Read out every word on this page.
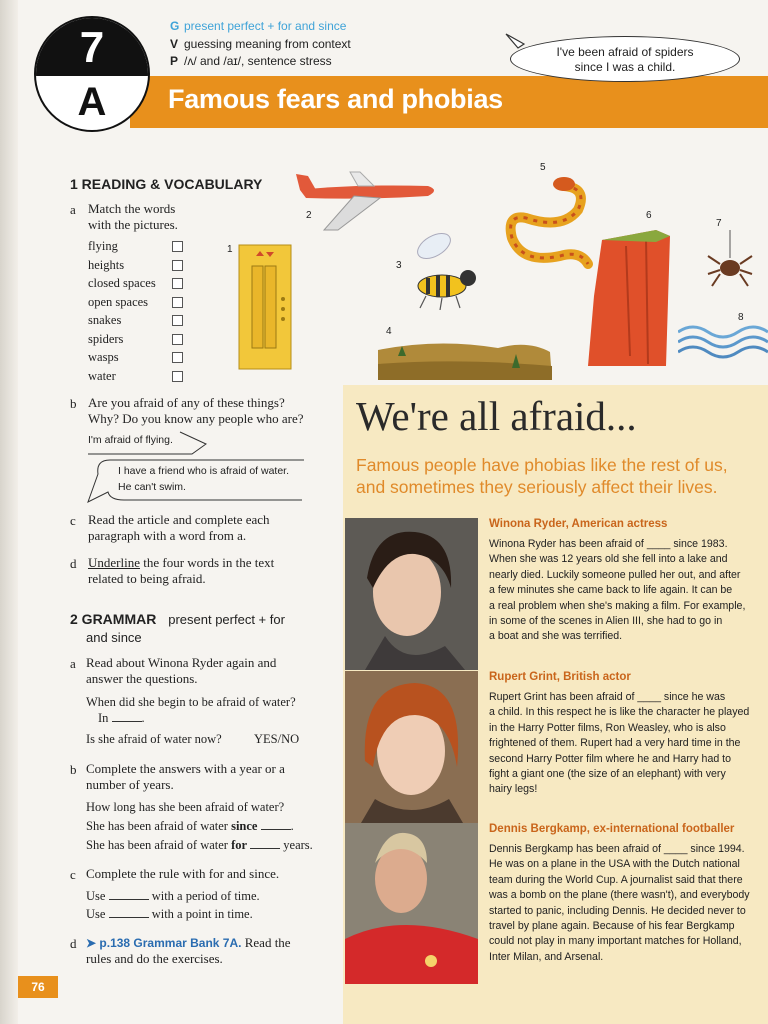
Famous fears and phobias
7
A
G present perfect + for and since
V guessing meaning from context
P /ʌ/ and /aɪ/, sentence stress
I've been afraid of spiders
since I was a child.
1 READING & VOCABULARY
a Match the words
with the pictures.
flying
heights
closed spaces
open spaces
snakes
spiders
wasps
water
1
2
3
4
5
6
7
8
b Are you afraid of any of these things?
Why? Do you know any people who are?
I'm afraid of flying.
I have a friend who is afraid of water.
He can't swim.
c Read the article and complete each
paragraph with a word from a.
d Underline the four words in the text
related to being afraid.
2 GRAMMAR present perfect + for
and since
a Read about Winona Ryder again and
answer the questions.
When did she begin to be afraid of water?
In	.
Is she afraid of water now?	YES/NO
b Complete the answers with a year or a
number of years.
How long has she been afraid of water?
She has been afraid of water since	.
She has been afraid of water for	years.
c Complete the rule with for and since.
Use	with a period of time.
Use	with a point in time.
d ➤ p.138 Grammar Bank 7A. Read the
rules and do the exercises.
We're all afraid...
Famous people have phobias like the rest of us,
and sometimes they seriously affect their lives.
Winona Ryder, American actress
Winona Ryder has been afraid of ____ since 1983.
When she was 12 years old she fell into a lake and
nearly died. Luckily someone pulled her out, and after
a few minutes she came back to life again. It can be
a real problem when she's making a film. For example,
in some of the scenes in Alien III, she had to go in
a boat and she was terrified.
Rupert Grint, British actor
Rupert Grint has been afraid of ____ since he was
a child. In this respect he is like the character he played
in the Harry Potter films, Ron Weasley, who is also
frightened of them. Rupert had a very hard time in the
second Harry Potter film where he and Harry had to
fight a giant one (the size of an elephant) with very
hairy legs!
Dennis Bergkamp, ex-international footballer
Dennis Bergkamp has been afraid of ____ since 1994.
He was on a plane in the USA with the Dutch national
team during the World Cup. A journalist said that there
was a bomb on the plane (there wasn't), and everybody
started to panic, including Dennis. He decided never to
travel by plane again. Because of his fear Bergkamp
could not play in many important matches for Holland,
Inter Milan, and Arsenal.
76
